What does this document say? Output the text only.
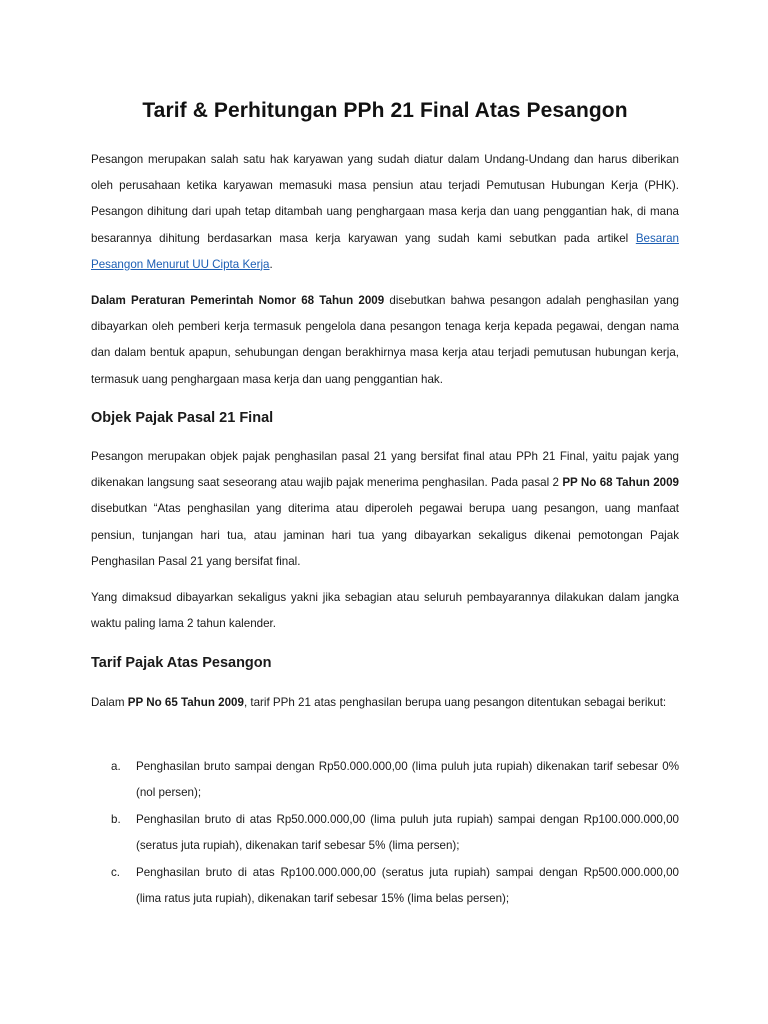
Tarif & Perhitungan PPh 21 Final Atas Pesangon

Pesangon merupakan salah satu hak karyawan yang sudah diatur dalam Undang-Undang dan harus diberikan oleh perusahaan ketika karyawan memasuki masa pensiun atau terjadi Pemutusan Hubungan Kerja (PHK). Pesangon dihitung dari upah tetap ditambah uang penghargaan masa kerja dan uang penggantian hak, di mana besarannya dihitung berdasarkan masa kerja karyawan yang sudah kami sebutkan pada artikel Besaran Pesangon Menurut UU Cipta Kerja.

Dalam Peraturan Pemerintah Nomor 68 Tahun 2009 disebutkan bahwa pesangon adalah penghasilan yang dibayarkan oleh pemberi kerja termasuk pengelola dana pesangon tenaga kerja kepada pegawai, dengan nama dan dalam bentuk apapun, sehubungan dengan berakhirnya masa kerja atau terjadi pemutusan hubungan kerja, termasuk uang penghargaan masa kerja dan uang penggantian hak.

Objek Pajak Pasal 21 Final

Pesangon merupakan objek pajak penghasilan pasal 21 yang bersifat final atau PPh 21 Final, yaitu pajak yang dikenakan langsung saat seseorang atau wajib pajak menerima penghasilan. Pada pasal 2 PP No 68 Tahun 2009 disebutkan “Atas penghasilan yang diterima atau diperoleh pegawai berupa uang pesangon, uang manfaat pensiun, tunjangan hari tua, atau jaminan hari tua yang dibayarkan sekaligus dikenai pemotongan Pajak Penghasilan Pasal 21 yang bersifat final.

Yang dimaksud dibayarkan sekaligus yakni jika sebagian atau seluruh pembayarannya dilakukan dalam jangka waktu paling lama 2 tahun kalender.

Tarif Pajak Atas Pesangon

Dalam PP No 65 Tahun 2009, tarif PPh 21 atas penghasilan berupa uang pesangon ditentukan sebagai berikut:

a. Penghasilan bruto sampai dengan Rp50.000.000,00 (lima puluh juta rupiah) dikenakan tarif sebesar 0% (nol persen);
b. Penghasilan bruto di atas Rp50.000.000,00 (lima puluh juta rupiah) sampai dengan Rp100.000.000,00 (seratus juta rupiah), dikenakan tarif sebesar 5% (lima persen);
c. Penghasilan bruto di atas Rp100.000.000,00 (seratus juta rupiah) sampai dengan Rp500.000.000,00 (lima ratus juta rupiah), dikenakan tarif sebesar 15% (lima belas persen);
